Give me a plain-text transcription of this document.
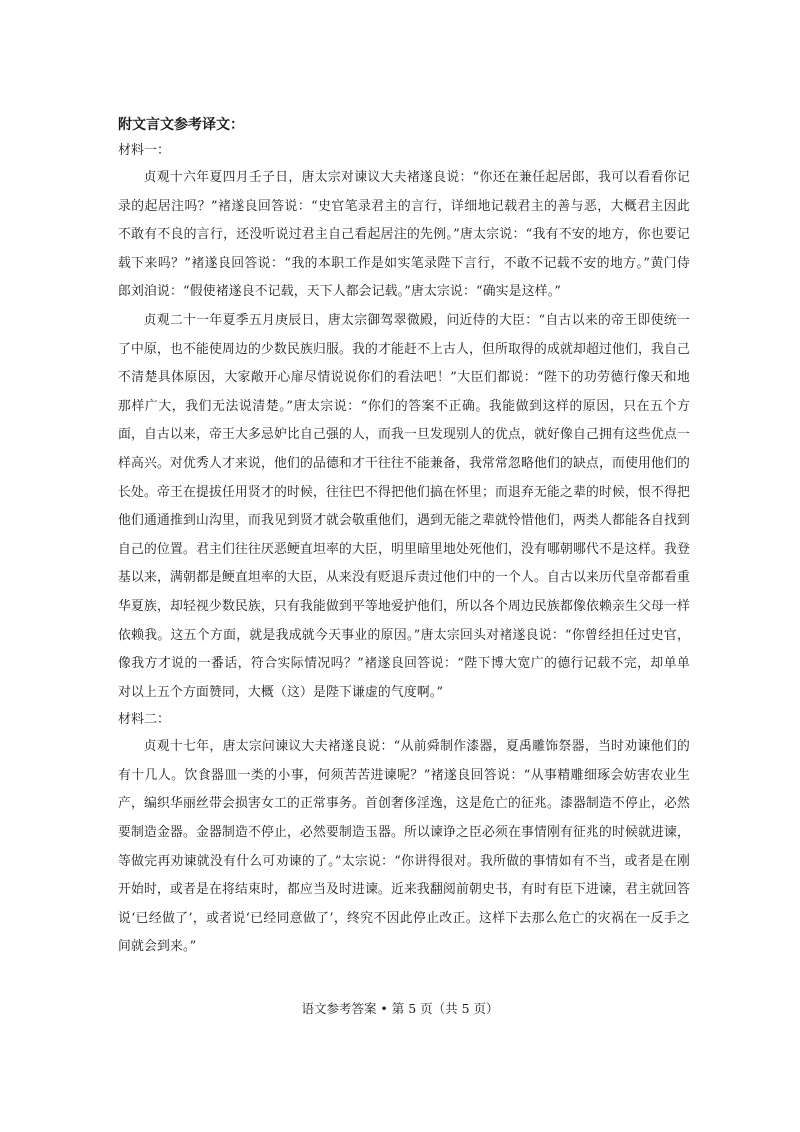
附文言文参考译文：

材料一：

贞观十六年夏四月壬子日，唐太宗对谏议大夫褚遂良说：“你还在兼任起居郎，我可以看看你记录的起居注吗？”褚遂良回答说：“史官笔录君主的言行，详细地记载君主的善与恶，大概君主因此不敢有不良的言行，还没听说过君主自己看起居注的先例。”唐太宗说：“我有不安的地方，你也要记载下来吗？”褚遂良回答说：“我的本职工作是如实笔录陛下言行，不敢不记载不安的地方。”黄门侍郎刘洎说：“假使褚遂良不记载，天下人都会记载。”唐太宗说：“确实是这样。”

贞观二十一年夏季五月庚辰日，唐太宗御驾翠微殿，问近侍的大臣：“自古以来的帝王即使统一了中原，也不能使周边的少数民族归服。我的才能赶不上古人，但所取得的成就却超过他们，我自己不清楚具体原因，大家敞开心扉尽情说说你们的看法吧！”大臣们都说：“陛下的功劳德行像天和地那样广大，我们无法说清楚。”唐太宗说：“你们的答案不正确。我能做到这样的原因，只在五个方面，自古以来，帝王大多忌妒比自己强的人，而我一旦发现别人的优点，就好像自己拥有这些优点一样高兴。对优秀人才来说，他们的品德和才干往往不能兼备，我常常忽略他们的缺点，而使用他们的长处。帝王在提拔任用贤才的时候，往往巴不得把他们搞在怀里；而退弃无能之辈的时候，恨不得把他们通通推到山沟里，而我见到贤才就会敬重他们，遇到无能之辈就怜惜他们，两类人都能各自找到自己的位置。君主们往往厌恶鲠直坦率的大臣，明里暗里地处死他们，没有哪朝哪代不是这样。我登基以来，满朝都是鲠直坦率的大臣，从来没有贬退斥责过他们中的一个人。自古以来历代皇帝都看重华夏族，却轻视少数民族，只有我能做到平等地爱护他们，所以各个周边民族都像依赖亲生父母一样依赖我。这五个方面，就是我成就今天事业的原因。”唐太宗回头对褚遂良说：“你曾经担任过史官，像我方才说的一番话，符合实际情况吗？”褚遂良回答说：“陛下博大宽广的德行记载不完，却单单对以上五个方面赞同，大概（这）是陛下谦虚的气度啊。”

材料二：

贞观十七年，唐太宗问谏议大夫褚遂良说：“从前舜制作漆器，夏禹雕饰祭器，当时劝谏他们的有十几人。饮食器皿一类的小事，何须苦苦进谏呢？”褚遂良回答说：“从事精雕细琢会妨害农业生产，编织华丽丝带会损害女工的正常事务。首创奢侈淫逸，这是危亡的征兆。漆器制造不停止，必然要制造金器。金器制造不停止，必然要制造玉器。所以谏诤之臣必须在事情刚有征兆的时候就进谏，等做完再劝谏就没有什么可劝谏的了。”太宗说：“你讲得很对。我所做的事情如有不当，或者是在刚开始时，或者是在将结束时，都应当及时进谏。近来我翻阅前朝史书，有时有臣下进谏，君主就回答说‘已经做了’，或者说‘已经同意做了’，终究不因此停止改正。这样下去那么危亡的灾祸在一反手之间就会到来。”

语文参考答案 • 第 5 页（共 5 页）
